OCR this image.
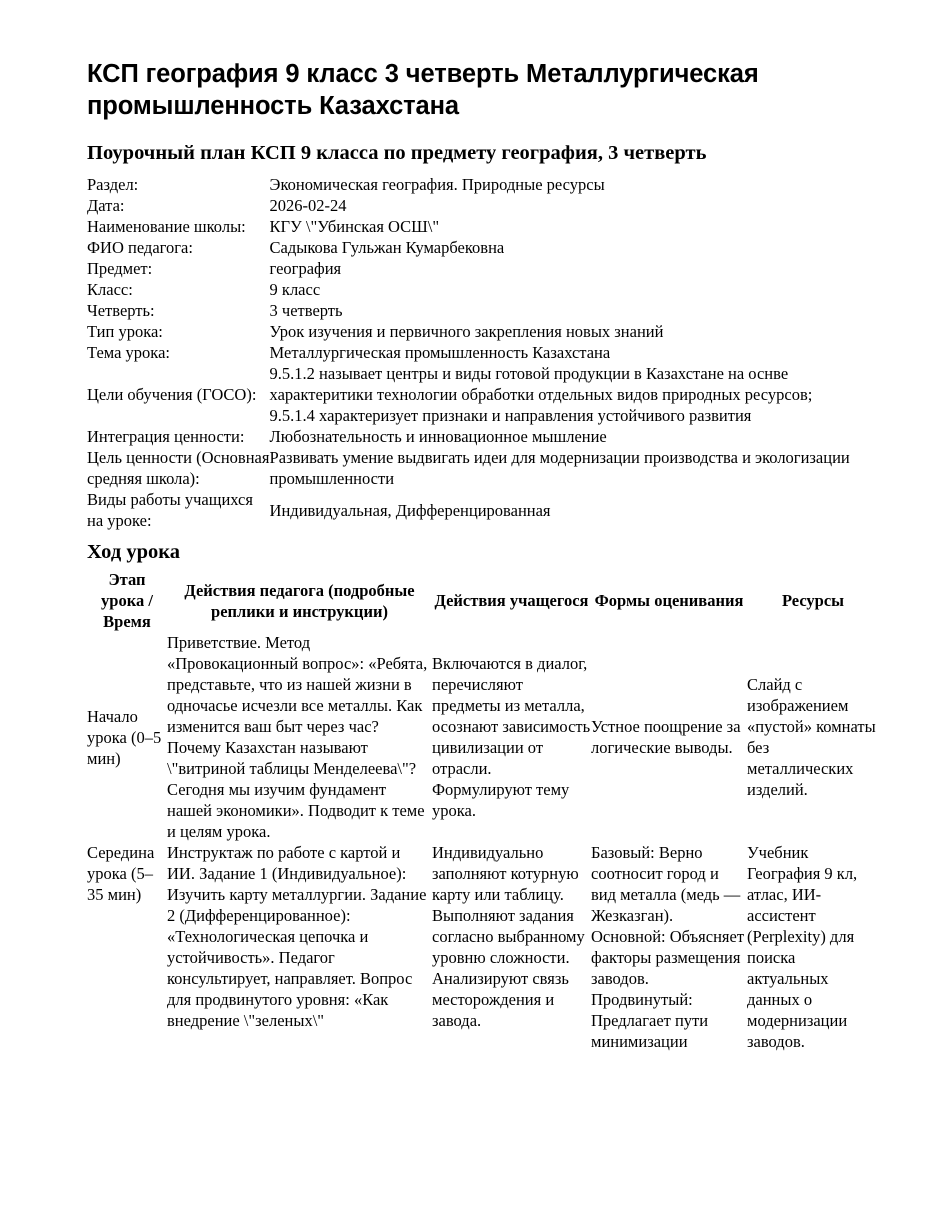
КСП география 9 класс 3 четверть Металлургическая промышленность Казахстана
Поурочный план КСП 9 класса по предмету география, 3 четверть
Раздел:	Экономическая география. Природные ресурсы
Дата:	2026-02-24
Наименование школы:	КГУ \"Убинская ОСШ\"
ФИО педагога:	Садыкова Гульжан Кумарбековна
Предмет:	география
Класс:	9 класс
Четверть:	3 четверть
Тип урока:	Урок изучения и первичного закрепления новых знаний
Тема урока:	Металлургическая промышленность Казахстана
Цели обучения (ГОСО):	9.5.1.2 называет центры и виды готовой продукции в Казахстане на оснве характеритики технологии обработки отдельных видов природных ресурсов;
9.5.1.4 характеризует признаки и направления устойчивого развития
Интеграция ценности:	Любознательность и инновационное мышление
Цель ценности (Основная средняя школа):	Развивать умение выдвигать идеи для модернизации производства и экологизации промышленности
Виды работы учащихся на уроке:	Индивидуальная, Дифференцированная
Ход урока
Этап урока / Время	Действия педагога (подробные реплики и инструкции)	Действия учащегося	Формы оценивания	Ресурсы
Начало урока (0–5 мин)	Приветствие. Метод «Провокационный вопрос»: «Ребята, представьте, что из нашей жизни в одночасье исчезли все металлы. Как изменится ваш быт через час? Почему Казахстан называют \"витриной таблицы Менделеева\"? Сегодня мы изучим фундамент нашей экономики». Подводит к теме и целям урока.	Включаются в диалог, перечисляют предметы из металла, осознают зависимость цивилизации от отрасли. Формулируют тему урока.	Устное поощрение за логические выводы.	Слайд с изображением «пустой» комнаты без металлических изделий.
Середина урока (5–35 мин)	Инструктаж по работе с картой и ИИ. Задание 1 (Индивидуальное): Изучить карту металлургии. Задание 2 (Дифференцированное): «Технологическая цепочка и устойчивость». Педагог консультирует, направляет. Вопрос для продвинутого уровня: «Как внедрение \"зеленых\"	Индивидуально заполняют котурную карту или таблицу. Выполняют задания согласно выбранному уровню сложности. Анализируют связь месторождения и завода.	Базовый: Верно соотносит город и вид металла (медь — Жезказган). Основной: Объясняет факторы размещения заводов. Продвинутый: Предлагает пути минимизации	Учебник География 9 кл, атлас, ИИ-ассистент (Perplexity) для поиска актуальных данных о модернизации заводов.
